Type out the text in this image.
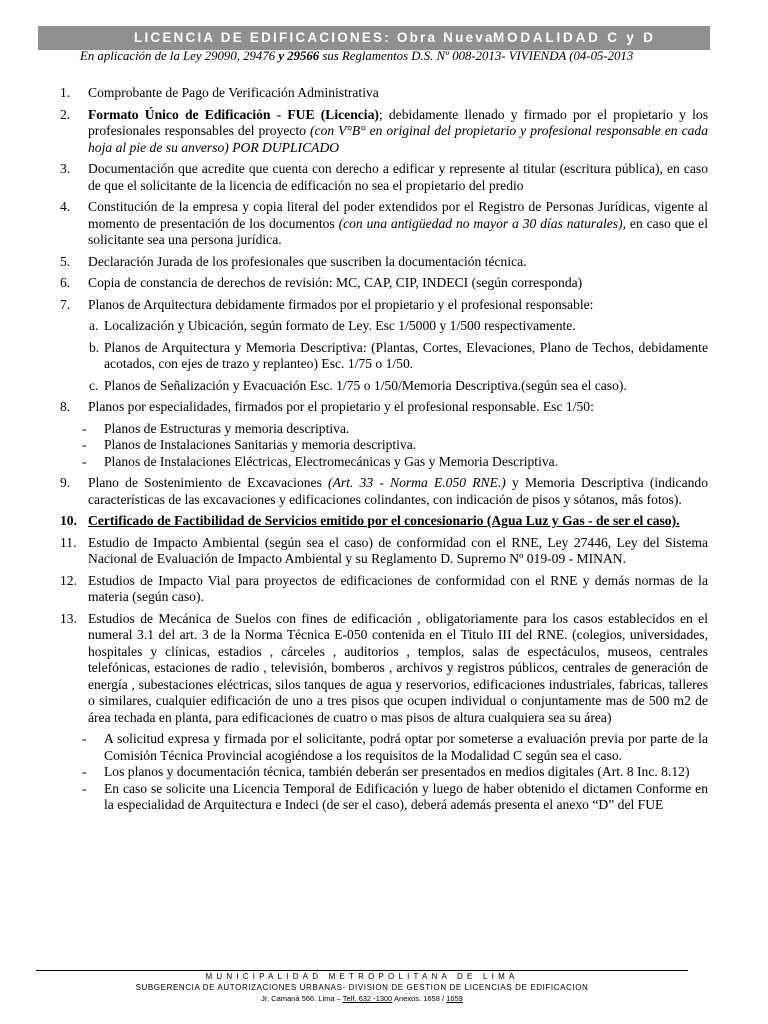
LICENCIA DE EDIFICACIONES: Obra Nueva
MODALIDAD C y D
En aplicación de la Ley 29090, 29476 y 29566 sus Reglamentos D.S. Nº 008-2013- VIVIENDA (04-05-2013
1. Comprobante de Pago de Verificación Administrativa
2. Formato Único de Edificación - FUE (Licencia); debidamente llenado y firmado por el propietario y los profesionales responsables del proyecto (con V°B° en original del propietario y profesional responsable en cada hoja al pie de su anverso) POR DUPLICADO
3. Documentación que acredite que cuenta con derecho a edificar y represente al titular (escritura pública), en caso de que el solicitante de la licencia de edificación no sea el propietario del predio
4. Constitución de la empresa y copia literal del poder extendidos por el Registro de Personas Jurídicas, vigente al momento de presentación de los documentos (con una antigüedad no mayor a 30 días naturales), en caso que el solicitante sea una persona jurídica.
5. Declaración Jurada de los profesionales que suscriben la documentación técnica.
6. Copia de constancia de derechos de revisión: MC, CAP, CIP, INDECI (según corresponda)
7. Planos de Arquitectura debidamente firmados por el propietario y el profesional responsable:
a. Localización y Ubicación, según formato de Ley. Esc 1/5000 y 1/500 respectivamente.
b. Planos de Arquitectura y Memoria Descriptiva: (Plantas, Cortes, Elevaciones, Plano de Techos, debidamente acotados, con ejes de trazo y replanteo) Esc. 1/75 o 1/50.
c. Planos de Señalización y Evacuación Esc. 1/75 o 1/50/Memoria Descriptiva.(según sea el caso).
8. Planos por especialidades, firmados por el propietario y el profesional responsable. Esc 1/50:
- Planos de Estructuras y memoria descriptiva.
- Planos de Instalaciones Sanitarias y memoria descriptiva.
- Planos de Instalaciones Eléctricas, Electromecánicas y Gas y Memoria Descriptiva.
9. Plano de Sostenimiento de Excavaciones (Art. 33 - Norma E.050 RNE.) y Memoria Descriptiva (indicando características de las excavaciones y edificaciones colindantes, con indicación de pisos y sótanos, más fotos).
10. Certificado de Factibilidad de Servicios emitido por el concesionario (Agua Luz y Gas - de ser el caso).
11. Estudio de Impacto Ambiental (según sea el caso) de conformidad con el RNE, Ley 27446, Ley del Sistema Nacional de Evaluación de Impacto Ambiental y su Reglamento D. Supremo Nº 019-09 - MINAN.
12. Estudios de Impacto Vial para proyectos de edificaciones de conformidad con el RNE y demás normas de la materia (según caso).
13. Estudios de Mecánica de Suelos con fines de edificación , obligatoriamente para los casos establecidos en el numeral 3.1 del art. 3 de la Norma Técnica E-050 contenida en el Titulo III del RNE. (colegios, universidades, hospitales y clínicas, estadios , cárceles , auditorios , templos, salas de espectáculos, museos, centrales telefónicas, estaciones de radio , televisión, bomberos , archivos y registros públicos, centrales de generación de energía , subestaciones eléctricas, silos tanques de agua y reservorios, edificaciones industriales, fabricas, talleres o similares, cualquier edificación de uno a tres pisos que ocupen individual o conjuntamente mas de 500 m2 de área techada en planta, para edificaciones de cuatro o mas pisos de altura cualquiera sea su área)
- A solicitud expresa y firmada por el solicitante, podrá optar por someterse a evaluación previa por parte de la Comisión Técnica Provincial acogiéndose a los requisitos de la Modalidad C según sea el caso.
- Los planos y documentación técnica, también deberán ser presentados en medios digitales (Art. 8 Inc. 8.12)
- En caso se solicite una Licencia Temporal de Edificación y luego de haber obtenido el dictamen Conforme en la especialidad de Arquitectura e Indeci (de ser el caso), deberá además presenta el anexo “D” del FUE
MUNICIPALIDAD METROPOLITANA DE LIMA
SUBGERENCIA DE AUTORIZACIONES URBANAS- DIVISION DE GESTION DE LICENCIAS DE EDIFICACION
Jr. Camaná 566. Lima – Telf. 632 -1300 Anexos. 1658 / 1659
